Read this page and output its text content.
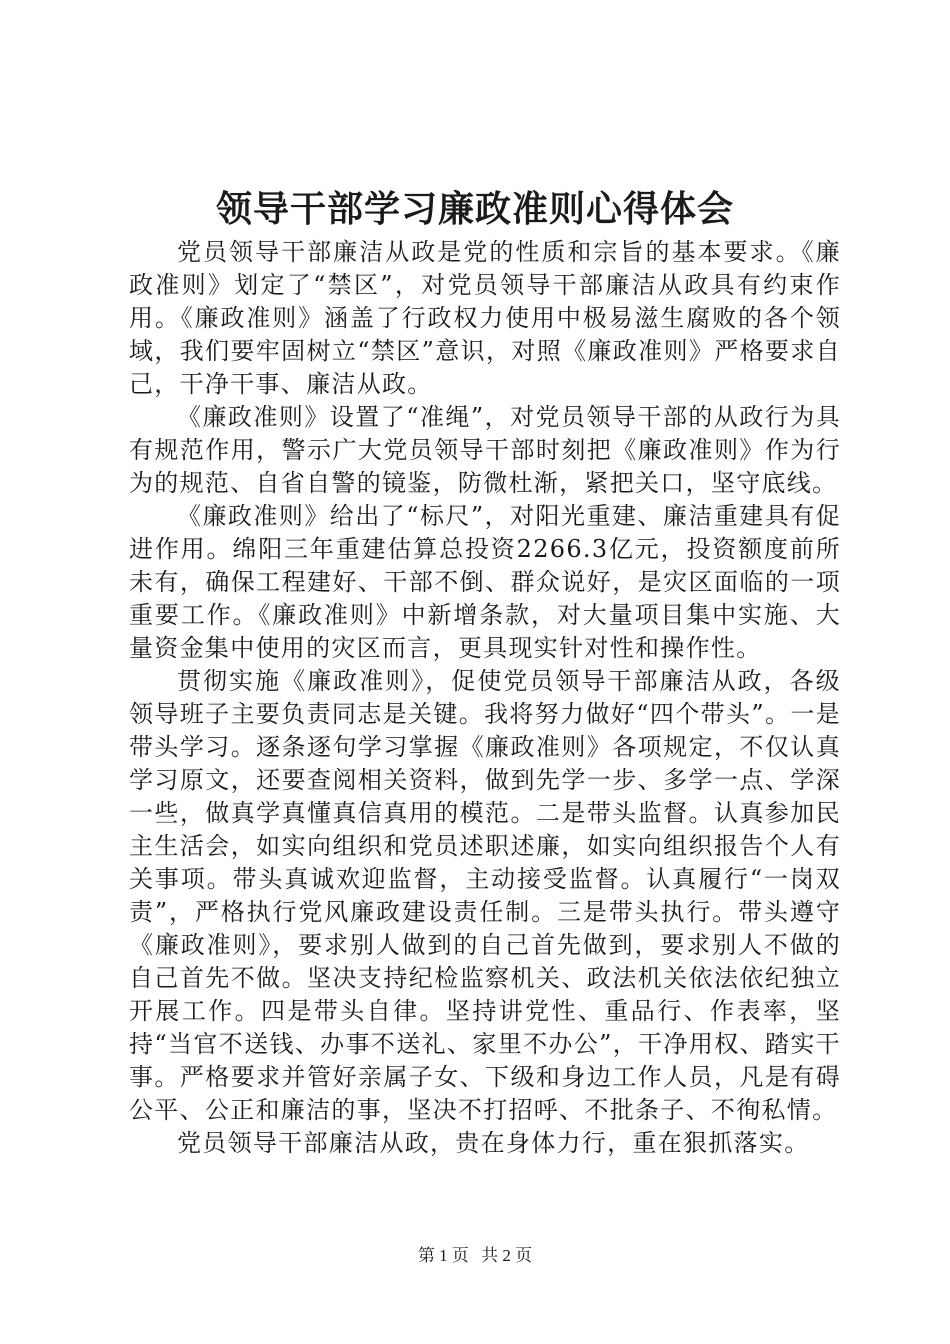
领导干部学习廉政准则心得体会

党员领导干部廉洁从政是党的性质和宗旨的基本要求。《廉政准则》划定了“禁区”，对党员领导干部廉洁从政具有约束作用。《廉政准则》涵盖了行政权力使用中极易滋生腐败的各个领域，我们要牢固树立“禁区”意识，对照《廉政准则》严格要求自己，干净干事、廉洁从政。

《廉政准则》设置了“准绳”，对党员领导干部的从政行为具有规范作用，警示广大党员领导干部时刻把《廉政准则》作为行为的规范、自省自警的镜鉴，防微杜渐，紧把关口，坚守底线。

《廉政准则》给出了“标尺”，对阳光重建、廉洁重建具有促进作用。绵阳三年重建估算总投资2266.3亿元，投资额度前所未有，确保工程建好、干部不倒、群众说好，是灾区面临的一项重要工作。《廉政准则》中新增条款，对大量项目集中实施、大量资金集中使用的灾区而言，更具现实针对性和操作性。

贯彻实施《廉政准则》，促使党员领导干部廉洁从政，各级领导班子主要负责同志是关键。我将努力做好“四个带头”。一是带头学习。逐条逐句学习掌握《廉政准则》各项规定，不仅认真学习原文，还要查阅相关资料，做到先学一步、多学一点、学深一些，做真学真懂真信真用的模范。二是带头监督。认真参加民主生活会，如实向组织和党员述职述廉，如实向组织报告个人有关事项。带头真诚欢迎监督，主动接受监督。认真履行“一岗双责”，严格执行党风廉政建设责任制。三是带头执行。带头遵守《廉政准则》，要求别人做到的自己首先做到，要求别人不做的自己首先不做。坚决支持纪检监察机关、政法机关依法依纪独立开展工作。四是带头自律。坚持讲党性、重品行、作表率，坚持“当官不送钱、办事不送礼、家里不办公”，干净用权、踏实干事。严格要求并管好亲属子女、下级和身边工作人员，凡是有碍公平、公正和廉洁的事，坚决不打招呼、不批条子、不徇私情。

党员领导干部廉洁从政，贵在身体力行，重在狠抓落实。

第 1 页 共 2 页
